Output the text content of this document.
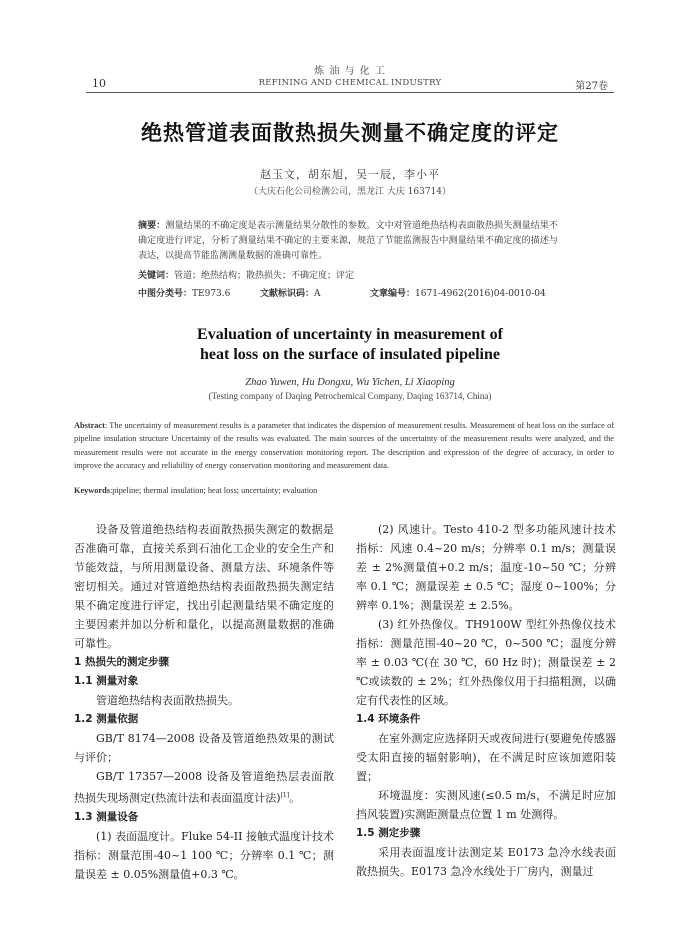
炼 油 与 化 工
10	REFINING AND CHEMICAL INDUSTRY	第27卷
绝热管道表面散热损失测量不确定度的评定
赵玉文，胡东旭，吴一辰，李小平
（大庆石化公司检测公司，黑龙江 大庆 163714）
摘要：测量结果的不确定度是表示测量结果分散性的参数。文中对管道绝热结构表面散热损失测量结果不确定度进行评定，分析了测量结果不确定的主要来源，规范了节能监测报告中测量结果不确定度的描述与表达，以提高节能监测测量数据的准确可靠性。
关键词：管道；绝热结构；散热损失；不确定度；评定
中图分类号：TE973.6	文献标识码：A	文章编号：1671-4962(2016)04-0010-04
Evaluation of uncertainty in measurement of
heat loss on the surface of insulated pipeline
Zhao Yuwen, Hu Dongxu, Wu Yichen, Li Xiaoping
(Testing company of Daqing Petrochemical Company, Daqing 163714, China)
Abstract: The uncertainty of measurement results is a parameter that indicates the dispersion of measurement results. Measurement of heat loss on the surface of pipeline insulation structure Uncertainty of the results was evaluated. The main sources of the uncertainty of the measurement results were analyzed, and the measurement results were not accurate in the energy conservation monitoring report. The description and expression of the degree of accuracy, in order to improve the accuracy and reliability of energy conservation monitoring and measurement data.
Keywords:pipeline; thermal insulation; heat loss; uncertainty; evaluation

设备及管道绝热结构表面散热损失测定的数据是否准确可靠，直接关系到石油化工企业的安全生产和节能效益，与所用测量设备、测量方法、环境条件等密切相关。通过对管道绝热结构表面散热损失测定结果不确定度进行评定，找出引起测量结果不确定度的主要因素并加以分析和量化，以提高测量数据的准确可靠性。

1 热损失的测定步骤

1.1 测量对象

管道绝热结构表面散热损失。

1.2 测量依据

GB/T 8174—2008 设备及管道绝热效果的测试与评价；

GB/T 17357—2008 设备及管道绝热层表面散热损失现场测定(热流计法和表面温度计法)[1]。

1.3 测量设备

(1) 表面温度计。Fluke 54-II 接触式温度计技术指标：测量范围-40~1 100 ℃；分辨率 0.1 ℃；测量误差 ± 0.05%测量值+0.3 ℃。

(2) 风速计。Testo 410-2 型多功能风速计技术指标：风速 0.4~20 m/s；分辨率 0.1 m/s；测量误差 ± 2%测量值+0.2 m/s；温度-10~50 ℃；分辨率 0.1 ℃；测量误差 ± 0.5 ℃；湿度 0~100%；分辨率 0.1%；测量误差 ± 2.5%。

(3) 红外热像仪。TH9100W 型红外热像仪技术指标：测量范围-40~20 ℃，0~500 ℃；温度分辨率 ± 0.03 ℃(在 30 ℃，60 Hz 时)；测量误差 ± 2 ℃或读数的 ± 2%；红外热像仪用于扫描粗测，以确定有代表性的区域。

1.4 环境条件

在室外测定应选择阴天或夜间进行(要避免传感器受太阳直接的辐射影响)，在不满足时应该加遮阳装置；

环境温度：实测风速(≤0.5 m/s，不满足时应加挡风装置)实测距测量点位置 1 m 处测得。

1.5 测定步骤

采用表面温度计法测定某 E0173 急冷水线表面散热损失。E0173 急冷水线处于厂房内，测量过
